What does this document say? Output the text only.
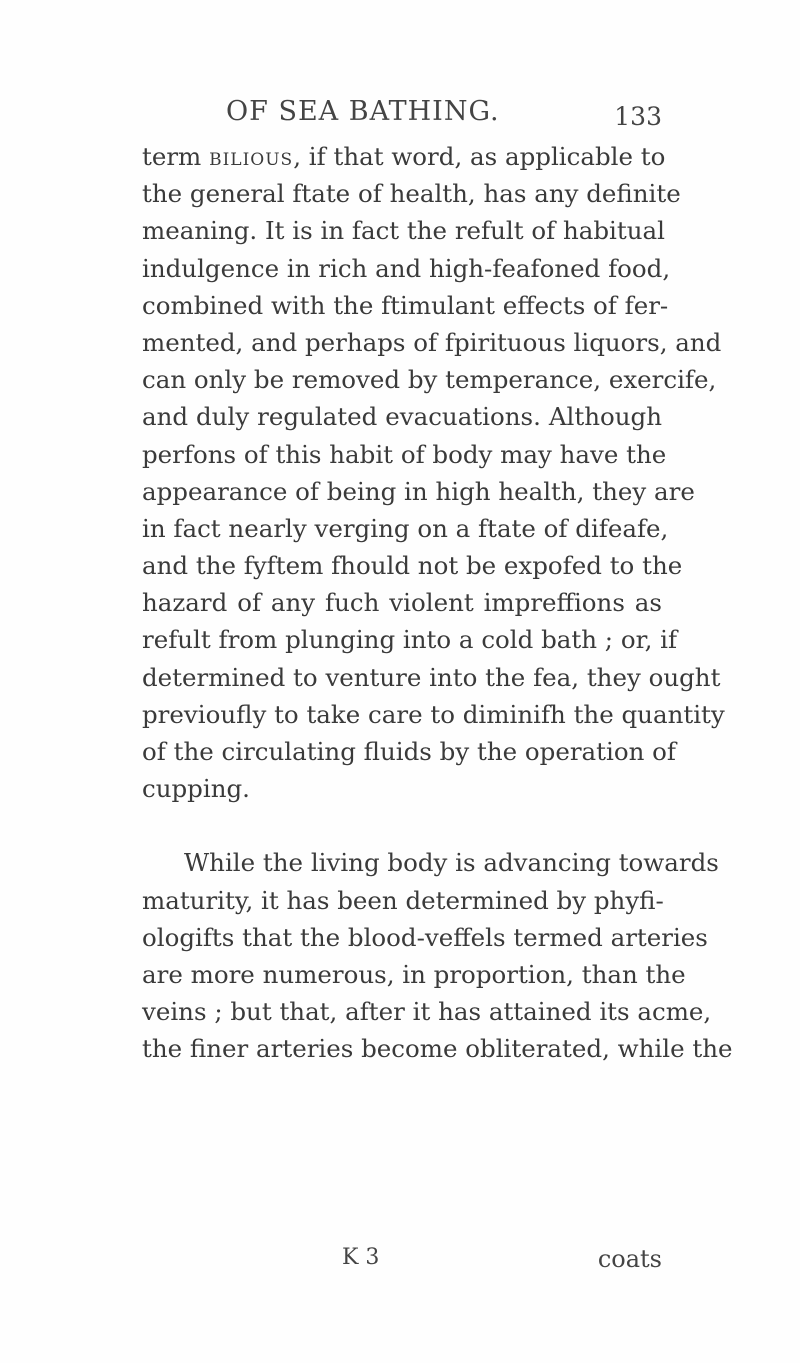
OF SEA BATHING.	133
term bilious, if that word, as applicable to
the general ftate of health, has any definite
meaning. It is in fact the refult of habitual
indulgence in rich and high-feafoned food,
combined with the ftimulant effects of fer-
mented, and perhaps of fpirituous liquors, and
can only be removed by temperance, exercife,
and duly regulated evacuations. Although
perfons of this habit of body may have the
appearance of being in high health, they are
in fact nearly verging on a ftate of difeafe,
and the fyftem fhould not be expofed to the
hazard of any fuch violent impreffions as
refult from plunging into a cold bath ; or, if
determined to venture into the fea, they ought
previoufly to take care to diminifh the quantity
of the circulating fluids by the operation of
cupping.
While the living body is advancing towards
maturity, it has been determined by phyfi-
ologifts that the blood-veffels termed arteries
are more numerous, in proportion, than the
veins ; but that, after it has attained its acme,
the finer arteries become obliterated, while the
K 3	coats
